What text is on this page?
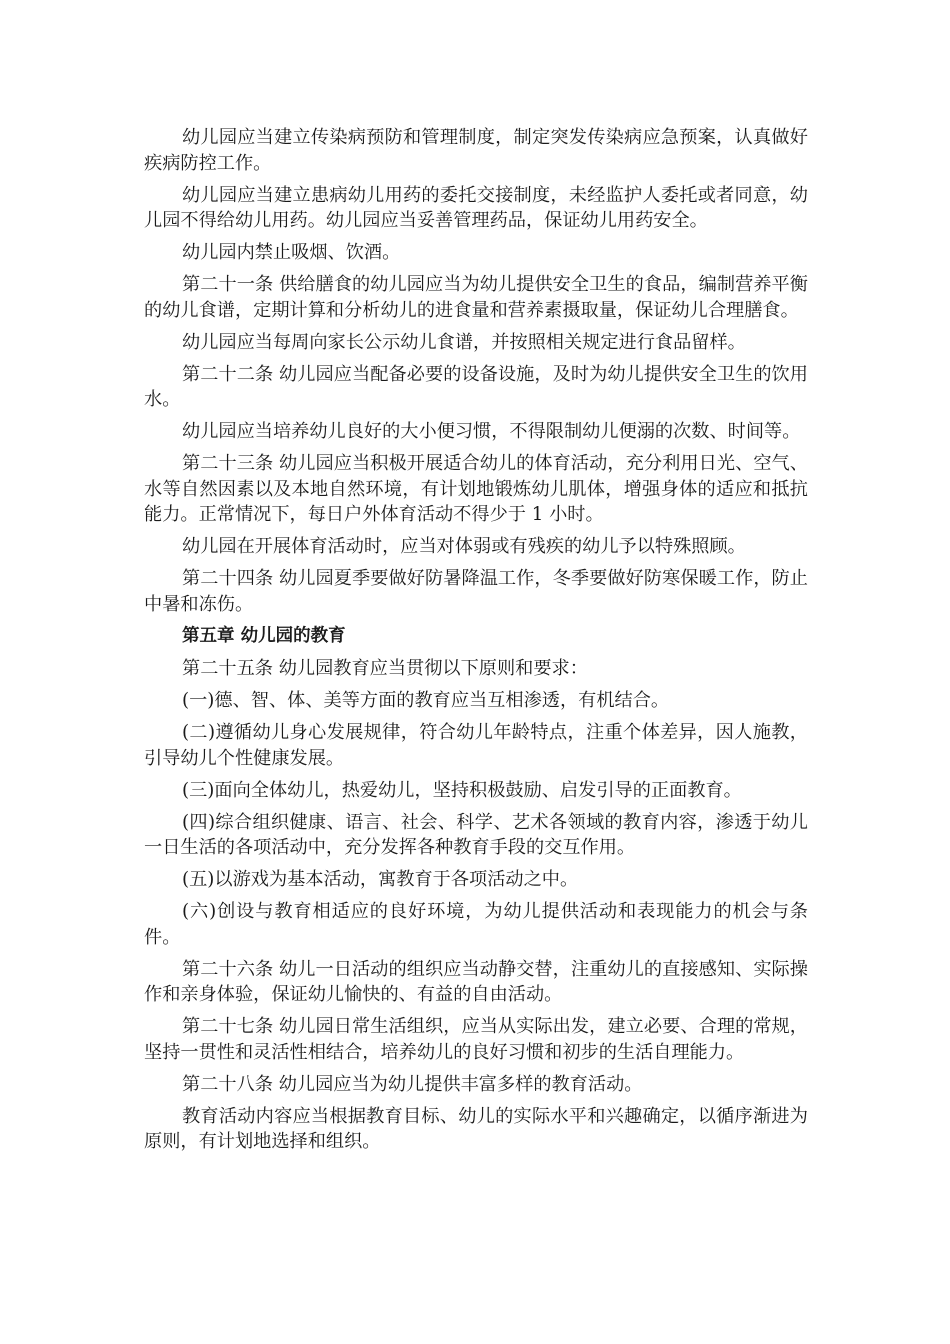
幼儿园应当建立传染病预防和管理制度，制定突发传染病应急预案，认真做好疾病防控工作。

幼儿园应当建立患病幼儿用药的委托交接制度，未经监护人委托或者同意，幼儿园不得给幼儿用药。幼儿园应当妥善管理药品，保证幼儿用药安全。

幼儿园内禁止吸烟、饮酒。

第二十一条 供给膳食的幼儿园应当为幼儿提供安全卫生的食品，编制营养平衡的幼儿食谱，定期计算和分析幼儿的进食量和营养素摄取量，保证幼儿合理膳食。

幼儿园应当每周向家长公示幼儿食谱，并按照相关规定进行食品留样。

第二十二条 幼儿园应当配备必要的设备设施，及时为幼儿提供安全卫生的饮用水。

幼儿园应当培养幼儿良好的大小便习惯，不得限制幼儿便溺的次数、时间等。

第二十三条 幼儿园应当积极开展适合幼儿的体育活动，充分利用日光、空气、水等自然因素以及本地自然环境，有计划地锻炼幼儿肌体，增强身体的适应和抵抗能力。正常情况下，每日户外体育活动不得少于 1 小时。

幼儿园在开展体育活动时，应当对体弱或有残疾的幼儿予以特殊照顾。

第二十四条 幼儿园夏季要做好防暑降温工作，冬季要做好防寒保暖工作，防止中暑和冻伤。

第五章 幼儿园的教育

第二十五条 幼儿园教育应当贯彻以下原则和要求：

(一)德、智、体、美等方面的教育应当互相渗透，有机结合。

(二)遵循幼儿身心发展规律，符合幼儿年龄特点，注重个体差异，因人施教，引导幼儿个性健康发展。

(三)面向全体幼儿，热爱幼儿，坚持积极鼓励、启发引导的正面教育。

(四)综合组织健康、语言、社会、科学、艺术各领域的教育内容，渗透于幼儿一日生活的各项活动中，充分发挥各种教育手段的交互作用。

(五)以游戏为基本活动，寓教育于各项活动之中。

(六)创设与教育相适应的良好环境，为幼儿提供活动和表现能力的机会与条件。

第二十六条 幼儿一日活动的组织应当动静交替，注重幼儿的直接感知、实际操作和亲身体验，保证幼儿愉快的、有益的自由活动。

第二十七条 幼儿园日常生活组织，应当从实际出发，建立必要、合理的常规，坚持一贯性和灵活性相结合，培养幼儿的良好习惯和初步的生活自理能力。

第二十八条 幼儿园应当为幼儿提供丰富多样的教育活动。

教育活动内容应当根据教育目标、幼儿的实际水平和兴趣确定，以循序渐进为原则，有计划地选择和组织。
